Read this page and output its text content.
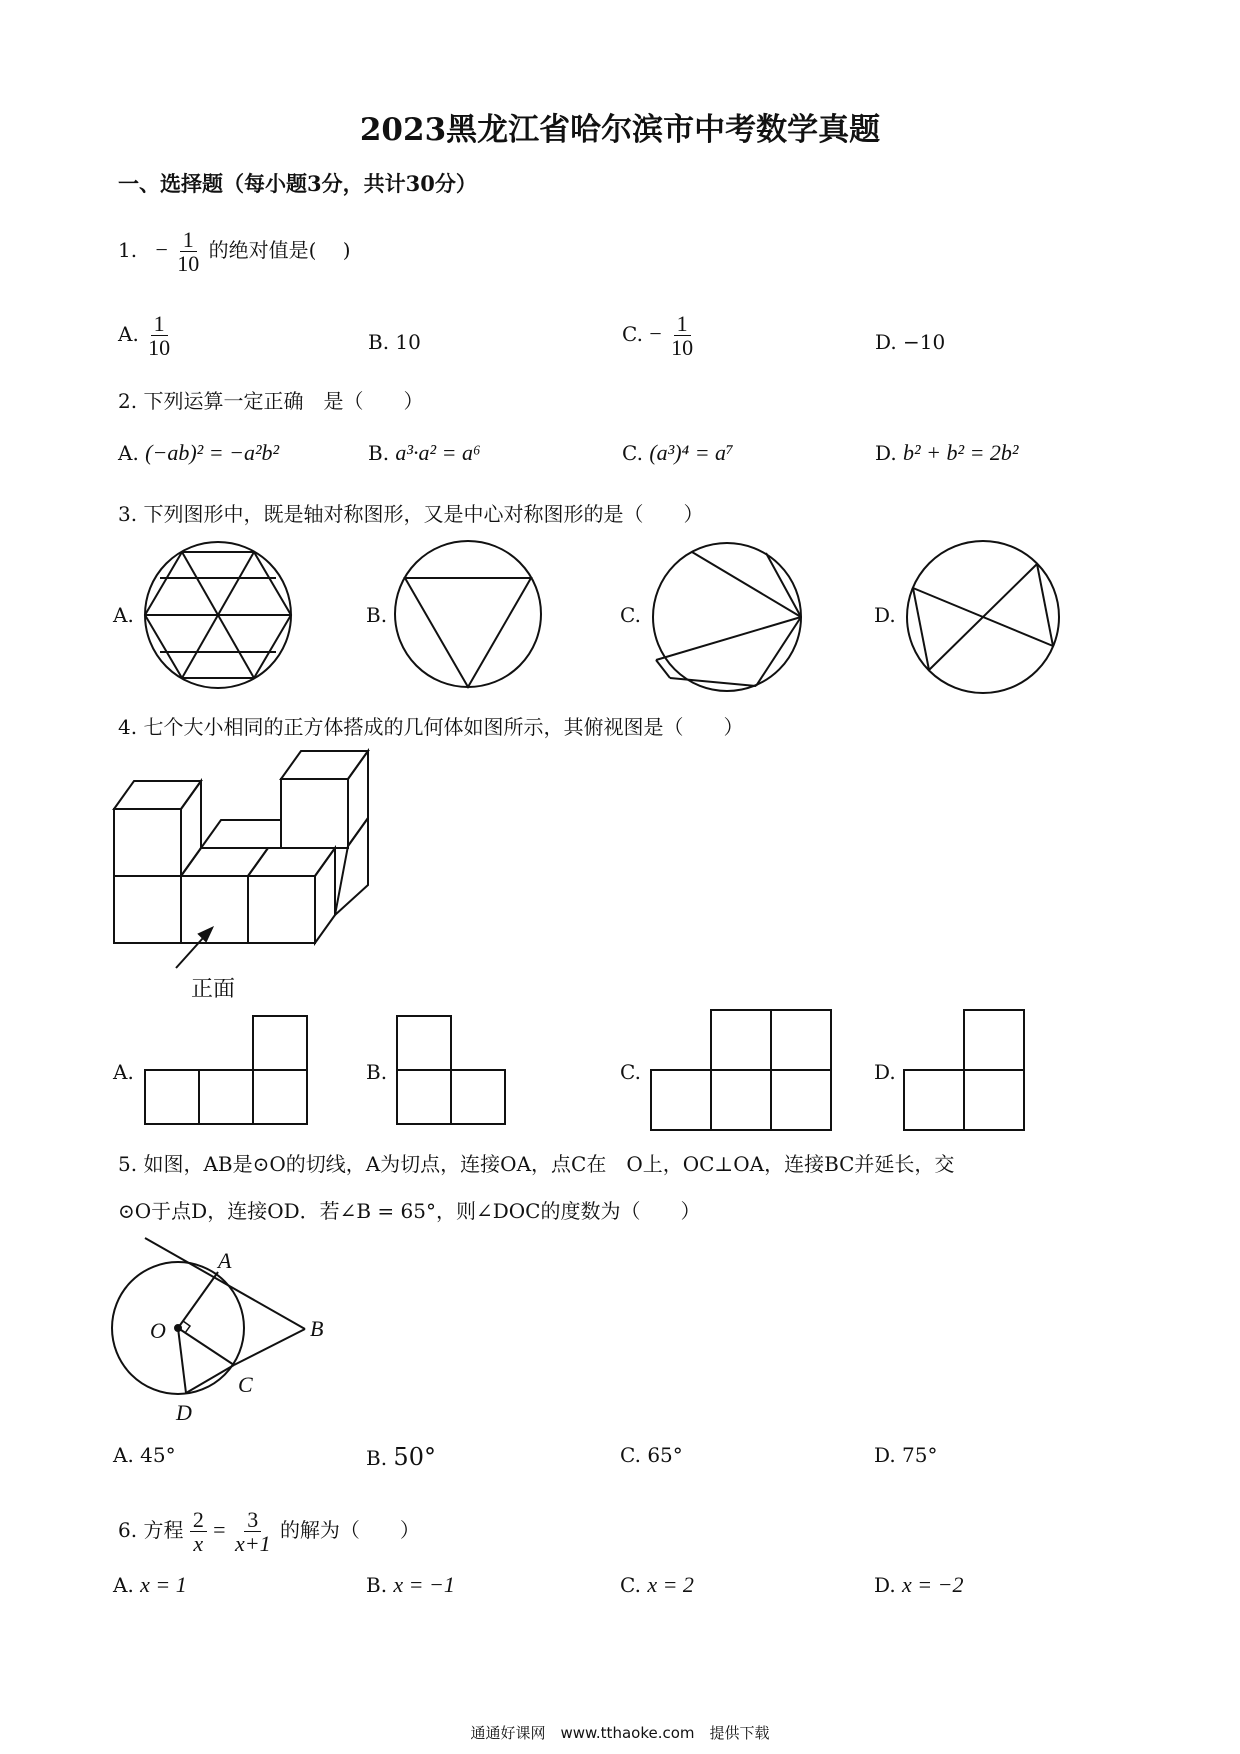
2023黑龙江省哈尔滨市中考数学真题
一、选择题（每小题3分，共计30分）
1. − $\frac{1}{10}$ 的绝对值是(　 )
A. $\frac{1}{10}$	B. 10	C. − $\frac{1}{10}$	D. −10
2. 下列运算一定正确　是（　　）
A. (−ab)² = −a²b²	B. a³·a² = a⁶	C. (a³)⁴ = a⁷	D. b² + b² = 2b²
3. 下列图形中，既是轴对称图形，又是中心对称图形的是（　　）
A.	B.	C.	D.
4. 七个大小相同的正方体搭成的几何体如图所示，其俯视图是（　　）
正面
A.	B.	C.	D.
5. 如图，AB是⊙O的切线，A为切点，连接OA，点C在　O上，OC⊥OA，连接BC并延长，交
⊙O于点D，连接OD．若∠B = 65°，则∠DOC的度数为（　　）
A
B
O
C
D
A. 45°	B. 50°	C. 65°	D. 75°
6. 方程 $\frac{2}{x} = \frac{3}{x+1}$ 的解为（　　）
A. x = 1	B. x = −1	C. x = 2	D. x = −2
通通好课网　www.tthaoke.com　提供下载
